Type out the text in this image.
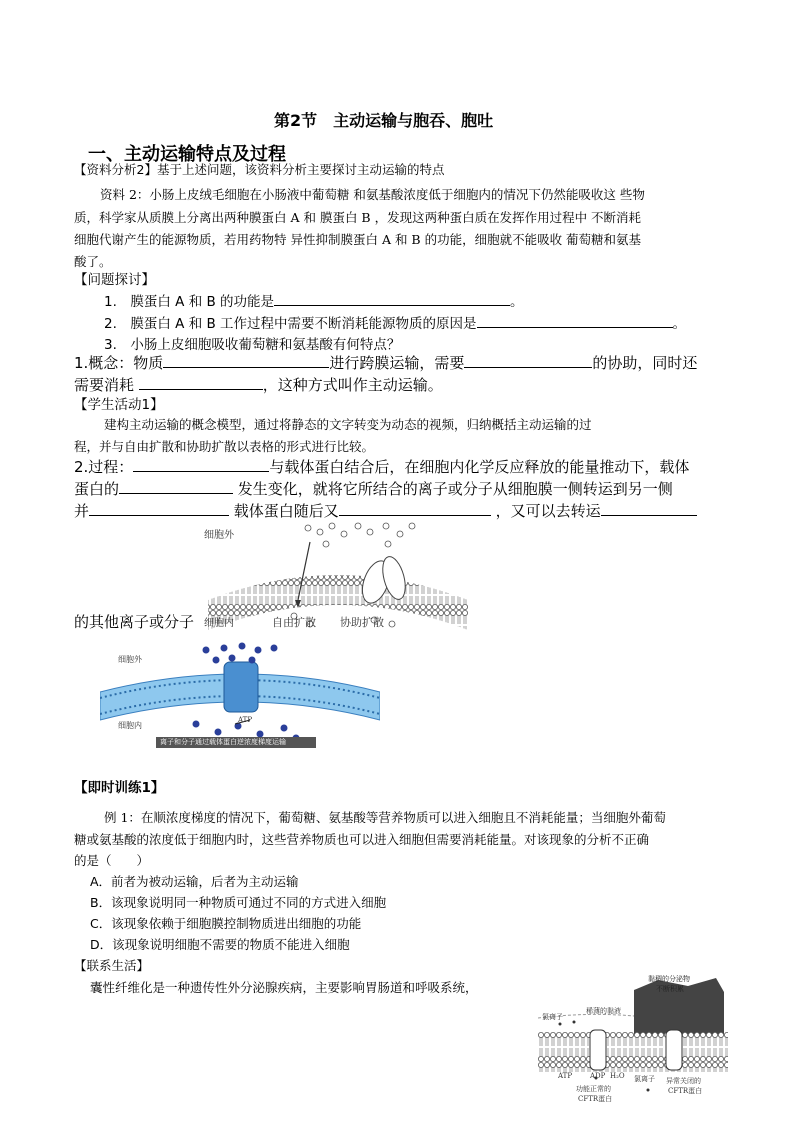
第2节　主动运输与胞吞、胞吐
一、主动运输特点及过程
【资料分析2】基于上述问题，该资料分析主要探讨主动运输的特点
资料 2：小肠上皮绒毛细胞在小肠液中葡萄糖 和氨基酸浓度低于细胞内的情况下仍然能吸收这 些物
质，科学家从质膜上分离出两种膜蛋白 A 和 膜蛋白 B ，发现这两种蛋白质在发挥作用过程中 不断消耗
细胞代谢产生的能源物质，若用药物特 异性抑制膜蛋白 A 和 B 的功能，细胞就不能吸收 葡萄糖和氨基
酸了。
【问题探讨】
1.　膜蛋白 A 和 B 的功能是	。
2.　膜蛋白 A 和 B 工作过程中需要不断消耗能源物质的原因是	。
3.　小肠上皮细胞吸收葡萄糖和氨基酸有何特点？
1.概念：物质	进行跨膜运输，需要	的协助，同时还
需要消耗	，这种方式叫作主动运输。
【学生活动1】
建构主动运输的概念模型，通过将静态的文字转变为动态的视频，归纳概括主动运输的过
程，并与自由扩散和协助扩散以表格的形式进行比较。
2.过程：	与载体蛋白结合后，在细胞内化学反应释放的能量推动下，载体
蛋白的	发生变化，就将它所结合的离子或分子从细胞膜一侧转运到另一侧
并	载体蛋白随后又	，又可以去转运
的其他离子或分子
细胞外
细胞内	自由扩散 协助扩散
细胞外
细胞内
ATP
离子和分子通过载体蛋白逆浓度梯度运输
【即时训练1】
例 1：在顺浓度梯度的情况下，葡萄糖、氨基酸等营养物质可以进入细胞且不消耗能量；当细胞外葡萄
糖或氨基酸的浓度低于细胞内时，这些营养物质也可以进入细胞但需要消耗能量。对该现象的分析不正确
的是（　　）
A．前者为被动运输，后者为主动运输
B．该现象说明同一种物质可通过不同的方式进入细胞
C．该现象依赖于细胞膜控制物质进出细胞的功能
D．该现象说明细胞不需要的物质不能进入细胞
【联系生活】
囊性纤维化是一种遗传性外分泌腺疾病，主要影响胃肠道和呼吸系统，
黏稠的分泌物
不断积累
稀薄的黏液
氯离子
氯离子
ATP	ADP H₂O
功能正常的
CFTR蛋白
异常关闭的
CFTR蛋白
